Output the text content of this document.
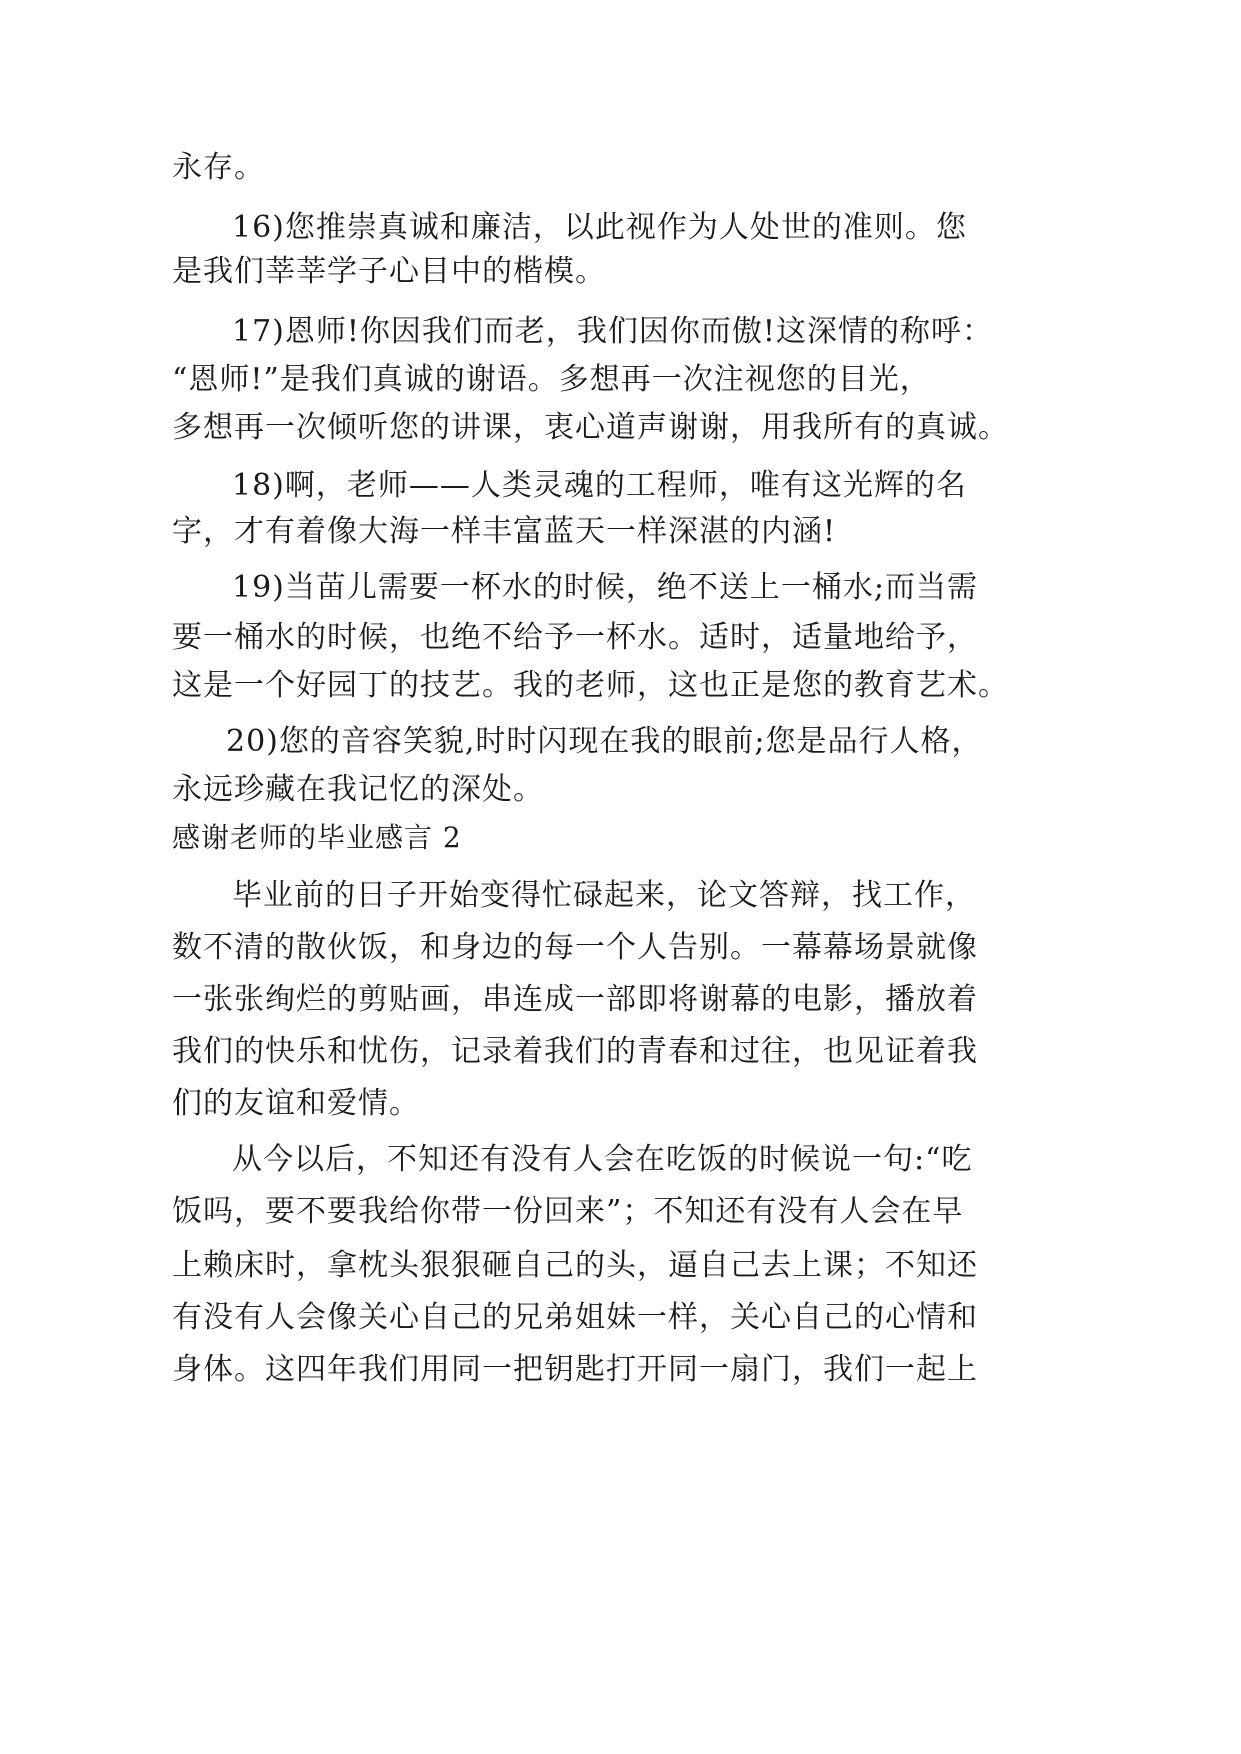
永存。
16)您推崇真诚和廉洁，以此视作为人处世的准则。您
是我们莘莘学子心目中的楷模。
17)恩师!你因我们而老，我们因你而傲!这深情的称呼：
“恩师!”是我们真诚的谢语。多想再一次注视您的目光，
多想再一次倾听您的讲课，衷心道声谢谢，用我所有的真诚。
18)啊，老师——人类灵魂的工程师，唯有这光辉的名
字，才有着像大海一样丰富蓝天一样深湛的内涵!
19)当苗儿需要一杯水的时候，绝不送上一桶水;而当需
要一桶水的时候，也绝不给予一杯水。适时，适量地给予，
这是一个好园丁的技艺。我的老师，这也正是您的教育艺术。
20)您的音容笑貌,时时闪现在我的眼前;您是品行人格，
永远珍藏在我记忆的深处。
感谢老师的毕业感言 2
毕业前的日子开始变得忙碌起来，论文答辩，找工作，
数不清的散伙饭，和身边的每一个人告别。一幕幕场景就像
一张张绚烂的剪贴画，串连成一部即将谢幕的电影，播放着
我们的快乐和忧伤，记录着我们的青春和过往，也见证着我
们的友谊和爱情。
从今以后，不知还有没有人会在吃饭的时候说一句:“吃
饭吗，要不要我给你带一份回来”；不知还有没有人会在早
上赖床时，拿枕头狠狠砸自己的头，逼自己去上课；不知还
有没有人会像关心自己的兄弟姐妹一样，关心自己的心情和
身体。这四年我们用同一把钥匙打开同一扇门，我们一起上
